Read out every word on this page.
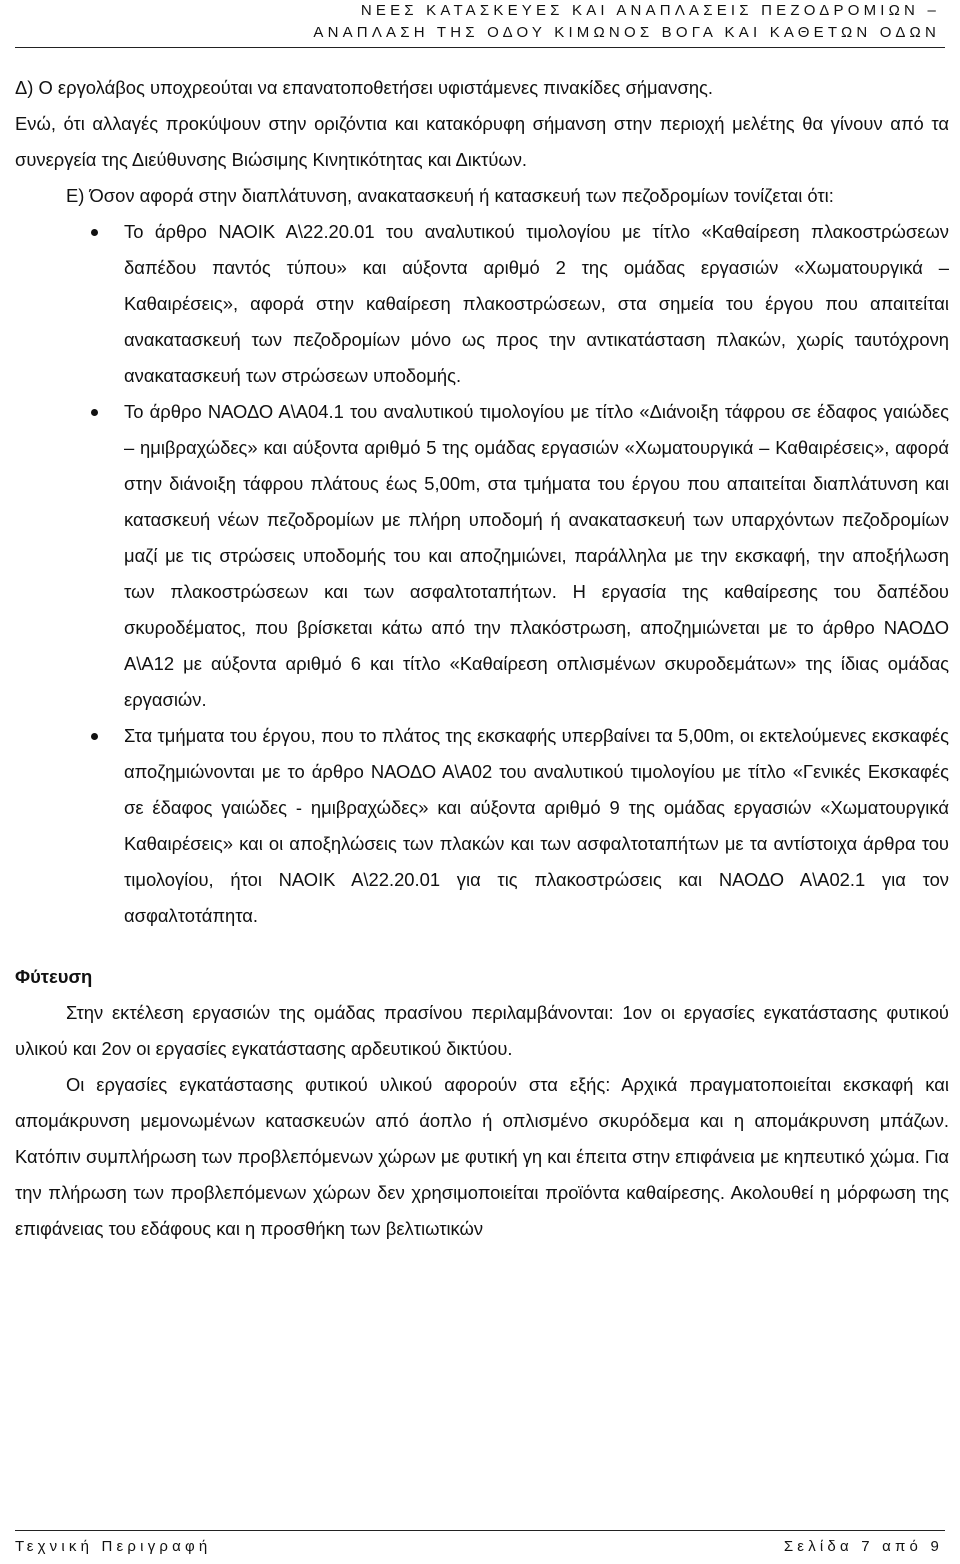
ΝΕΕΣ ΚΑΤΑΣΚΕΥΕΣ ΚΑΙ ΑΝΑΠΛΑΣΕΙΣ ΠΕΖΟΔΡΟΜΙΩΝ –
ΑΝΑΠΛΑΣΗ ΤΗΣ ΟΔΟΥ ΚΙΜΩΝΟΣ ΒΟΓΑ ΚΑΙ ΚΑΘΕΤΩΝ ΟΔΩΝ

Δ) Ο εργολάβος υποχρεούται να επανατοποθετήσει υφιστάμενες πινακίδες σήμανσης.

Ενώ, ότι αλλαγές προκύψουν στην οριζόντια και κατακόρυφη σήμανση στην περιοχή μελέτης θα γίνουν από τα συνεργεία της Διεύθυνσης Βιώσιμης Κινητικότητας και Δικτύων.

Ε) Όσον αφορά στην διαπλάτυνση, ανακατασκευή ή κατασκευή των πεζοδρομίων τονίζεται ότι:

Το άρθρο ΝΑΟΙΚ Α\22.20.01 του αναλυτικού τιμολογίου με τίτλο «Καθαίρεση πλακοστρώσεων δαπέδου παντός τύπου» και αύξοντα αριθμό 2 της ομάδας εργασιών «Χωματουργικά – Καθαιρέσεις», αφορά στην καθαίρεση πλακοστρώσεων, στα σημεία του έργου που απαιτείται ανακατασκευή των πεζοδρομίων μόνο ως προς την αντικατάσταση πλακών, χωρίς ταυτόχρονη ανακατασκευή των στρώσεων υποδομής.
Το άρθρο ΝΑΟΔΟ Α\Α04.1 του αναλυτικού τιμολογίου με τίτλο «Διάνοιξη τάφρου σε έδαφος γαιώδες – ημιβραχώδες» και αύξοντα αριθμό 5 της ομάδας εργασιών «Χωματουργικά – Καθαιρέσεις», αφορά στην διάνοιξη τάφρου πλάτους έως 5,00m, στα τμήματα του έργου που απαιτείται διαπλάτυνση και κατασκευή νέων πεζοδρομίων με πλήρη υποδομή ή ανακατασκευή των υπαρχόντων πεζοδρομίων μαζί με τις στρώσεις υποδομής του και αποζημιώνει, παράλληλα με την εκσκαφή, την αποξήλωση των πλακοστρώσεων και των ασφαλτοταπήτων. Η εργασία της καθαίρεσης του δαπέδου σκυροδέματος, που βρίσκεται κάτω από την πλακόστρωση, αποζημιώνεται με το άρθρο ΝΑΟΔΟ Α\Α12 με αύξοντα αριθμό 6 και τίτλο «Καθαίρεση οπλισμένων σκυροδεμάτων» της ίδιας ομάδας εργασιών.
Στα τμήματα του έργου, που το πλάτος της εκσκαφής υπερβαίνει τα 5,00m, οι εκτελούμενες εκσκαφές αποζημιώνονται με το άρθρο ΝΑΟΔΟ Α\Α02 του αναλυτικού τιμολογίου με τίτλο «Γενικές Εκσκαφές σε έδαφος γαιώδες - ημιβραχώδες» και αύξοντα αριθμό 9 της ομάδας εργασιών «Χωματουργικά Καθαιρέσεις» και οι αποξηλώσεις των πλακών και των ασφαλτοταπήτων με τα αντίστοιχα άρθρα του τιμολογίου, ήτοι ΝΑΟΙΚ Α\22.20.01 για τις πλακοστρώσεις και ΝΑΟΔΟ Α\Α02.1 για τον ασφαλτοτάπητα.

Φύτευση

Στην εκτέλεση εργασιών της ομάδας πρασίνου περιλαμβάνονται: 1ον οι εργασίες εγκατάστασης φυτικού υλικού και 2ον οι εργασίες εγκατάστασης αρδευτικού δικτύου.

Οι εργασίες εγκατάστασης φυτικού υλικού αφορούν στα εξής: Αρχικά πραγματοποιείται εκσκαφή και απομάκρυνση μεμονωμένων κατασκευών από άοπλο ή οπλισμένο σκυρόδεμα και η απομάκρυνση μπάζων. Κατόπιν συμπλήρωση των προβλεπόμενων χώρων με φυτική γη και έπειτα στην επιφάνεια με κηπευτικό χώμα. Για την πλήρωση των προβλεπόμενων χώρων δεν χρησιμοποιείται προϊόντα καθαίρεσης. Ακολουθεί η μόρφωση της επιφάνειας του εδάφους και η προσθήκη των βελτιωτικών

Τεχνική Περιγραφή	Σελίδα 7 από 9
